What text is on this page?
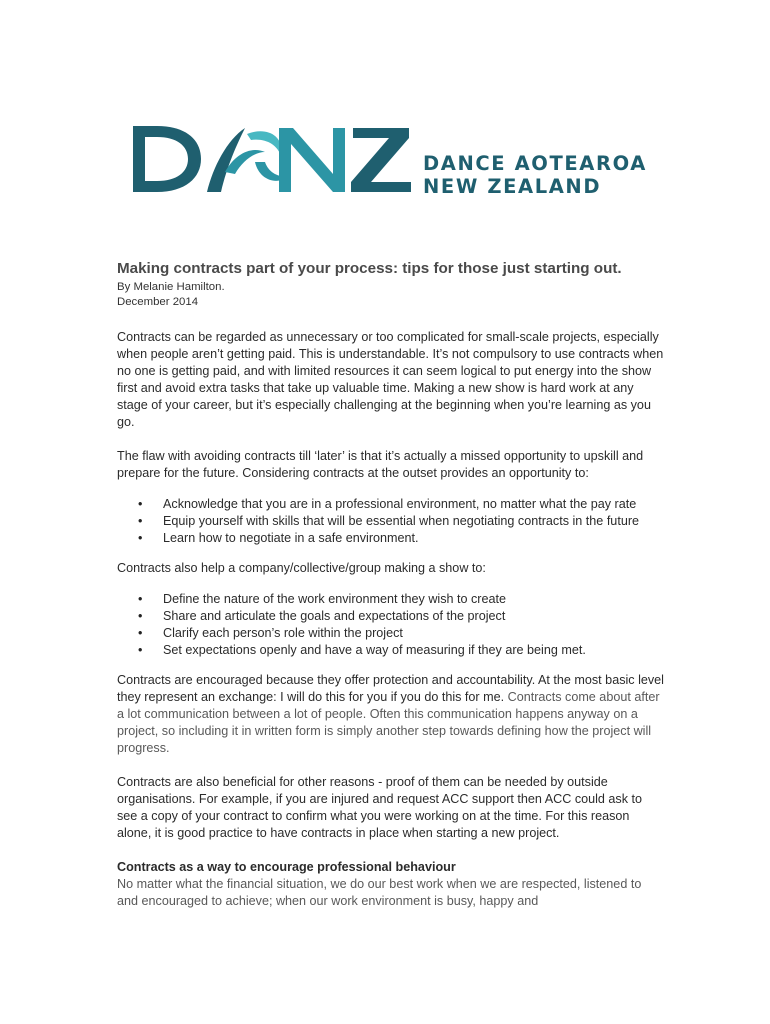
DANCE AOTEAROA
NEW ZEALAND
Making contracts part of your process: tips for those just starting out.
By Melanie Hamilton.
December 2014

Contracts can be regarded as unnecessary or too complicated for small-scale projects, especially when people aren’t getting paid. This is understandable. It’s not compulsory to use contracts when no one is getting paid, and with limited resources it can seem logical to put energy into the show first and avoid extra tasks that take up valuable time. Making a new show is hard work at any stage of your career, but it’s especially challenging at the beginning when you’re learning as you go.

The flaw with avoiding contracts till ‘later’ is that it’s actually a missed opportunity to upskill and prepare for the future. Considering contracts at the outset provides an opportunity to:

• Acknowledge that you are in a professional environment, no matter what the pay rate
• Equip yourself with skills that will be essential when negotiating contracts in the future
• Learn how to negotiate in a safe environment.

Contracts also help a company/collective/group making a show to:

• Define the nature of the work environment they wish to create
• Share and articulate the goals and expectations of the project
• Clarify each person’s role within the project
• Set expectations openly and have a way of measuring if they are being met.

Contracts are encouraged because they offer protection and accountability. At the most basic level they represent an exchange: I will do this for you if you do this for me. Contracts come about after a lot communication between a lot of people. Often this communication happens anyway on a project, so including it in written form is simply another step towards defining how the project will progress.

Contracts are also beneficial for other reasons - proof of them can be needed by outside organisations. For example, if you are injured and request ACC support then ACC could ask to see a copy of your contract to confirm what you were working on at the time. For this reason alone, it is good practice to have contracts in place when starting a new project.

Contracts as a way to encourage professional behaviour

No matter what the financial situation, we do our best work when we are respected, listened to and encouraged to achieve; when our work environment is busy, happy and
